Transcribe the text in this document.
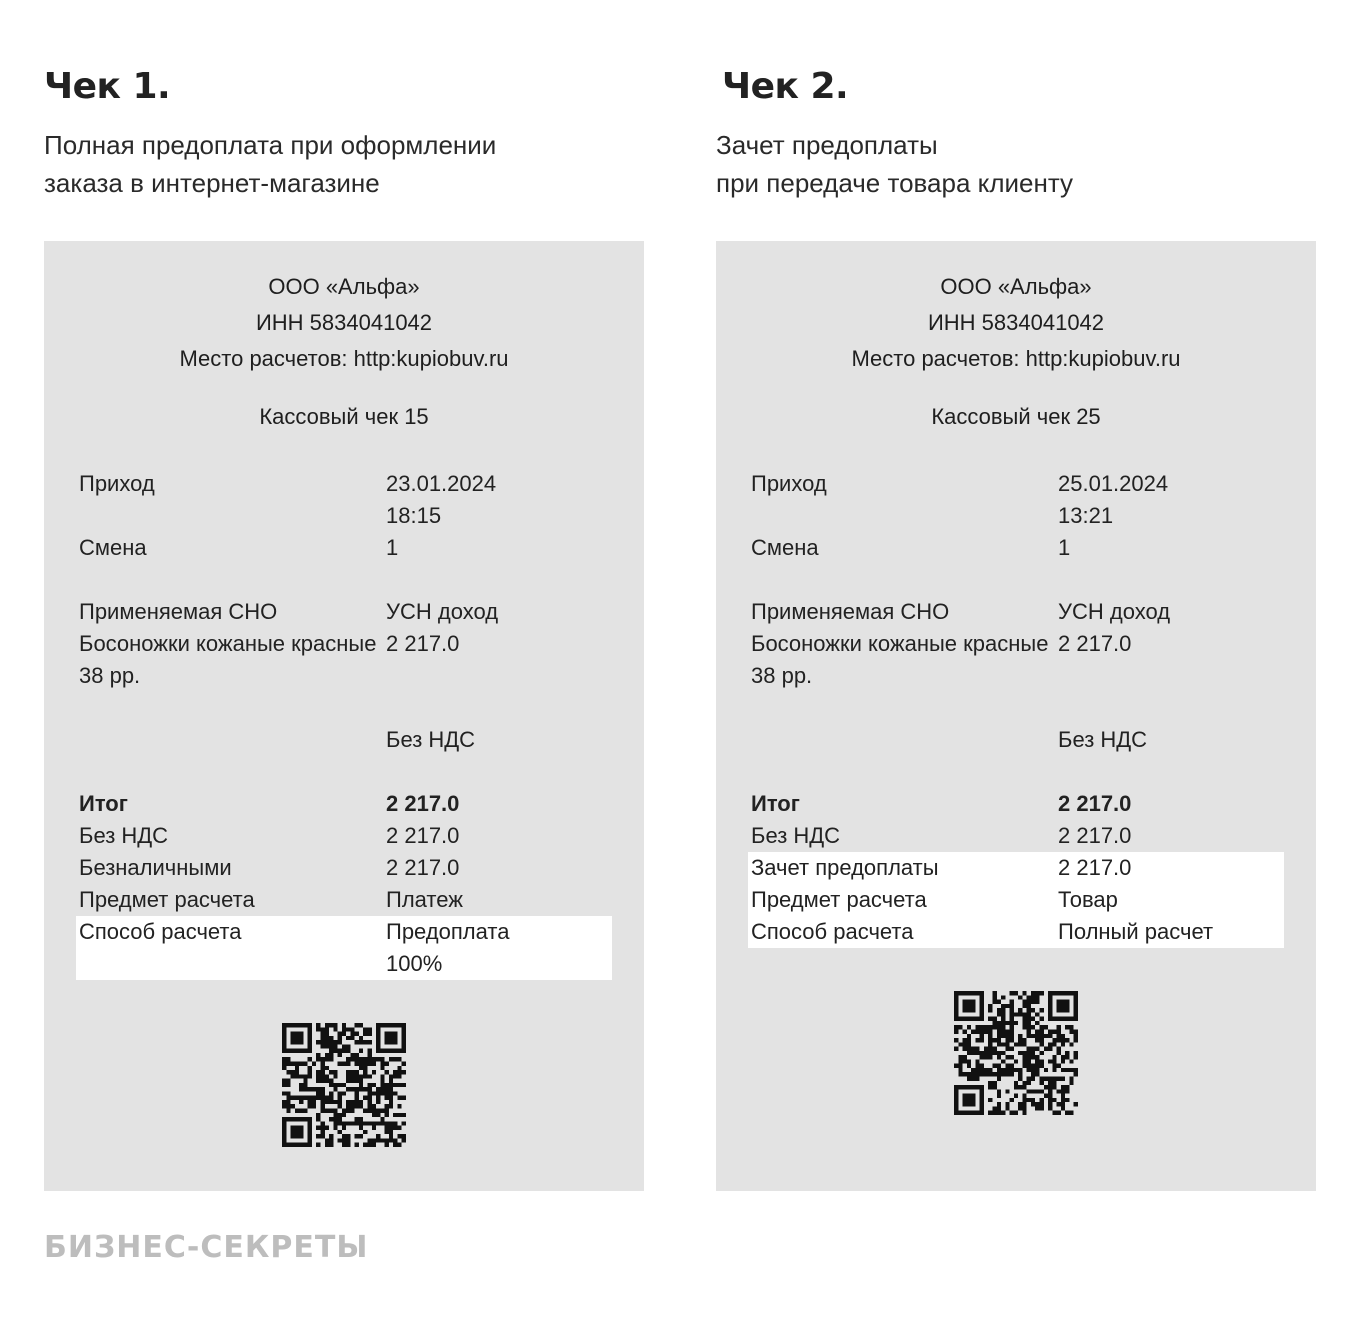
Чек 1.
Полная предоплата при оформлении
заказа в интернет-магазине
ООО «Альфа»
ИНН 5834041042
Место расчетов: http:kupiobuv.ru
Кассовый чек 15
Приход	23.01.2024
18:15
Смена	1
Применяемая СНО	УСН доход
Босоножки кожаные красные 2 217.0
38 рр.
Без НДС
Итог	2 217.0
Без НДС	2 217.0
Безналичными	2 217.0
Предмет расчета	Платеж
Способ расчета	Предоплата
100%
Чек 2.
Зачет предоплаты
при передаче товара клиенту
ООО «Альфа»
ИНН 5834041042
Место расчетов: http:kupiobuv.ru
Кассовый чек 25
Приход	25.01.2024
13:21
Смена	1
Применяемая СНО	УСН доход
Босоножки кожаные красные 2 217.0
38 рр.
Без НДС
Итог	2 217.0
Без НДС	2 217.0
Зачет предоплаты	2 217.0
Предмет расчета	Товар
Способ расчета	Полный расчет
БИЗНЕС-СЕКРЕТЫ
